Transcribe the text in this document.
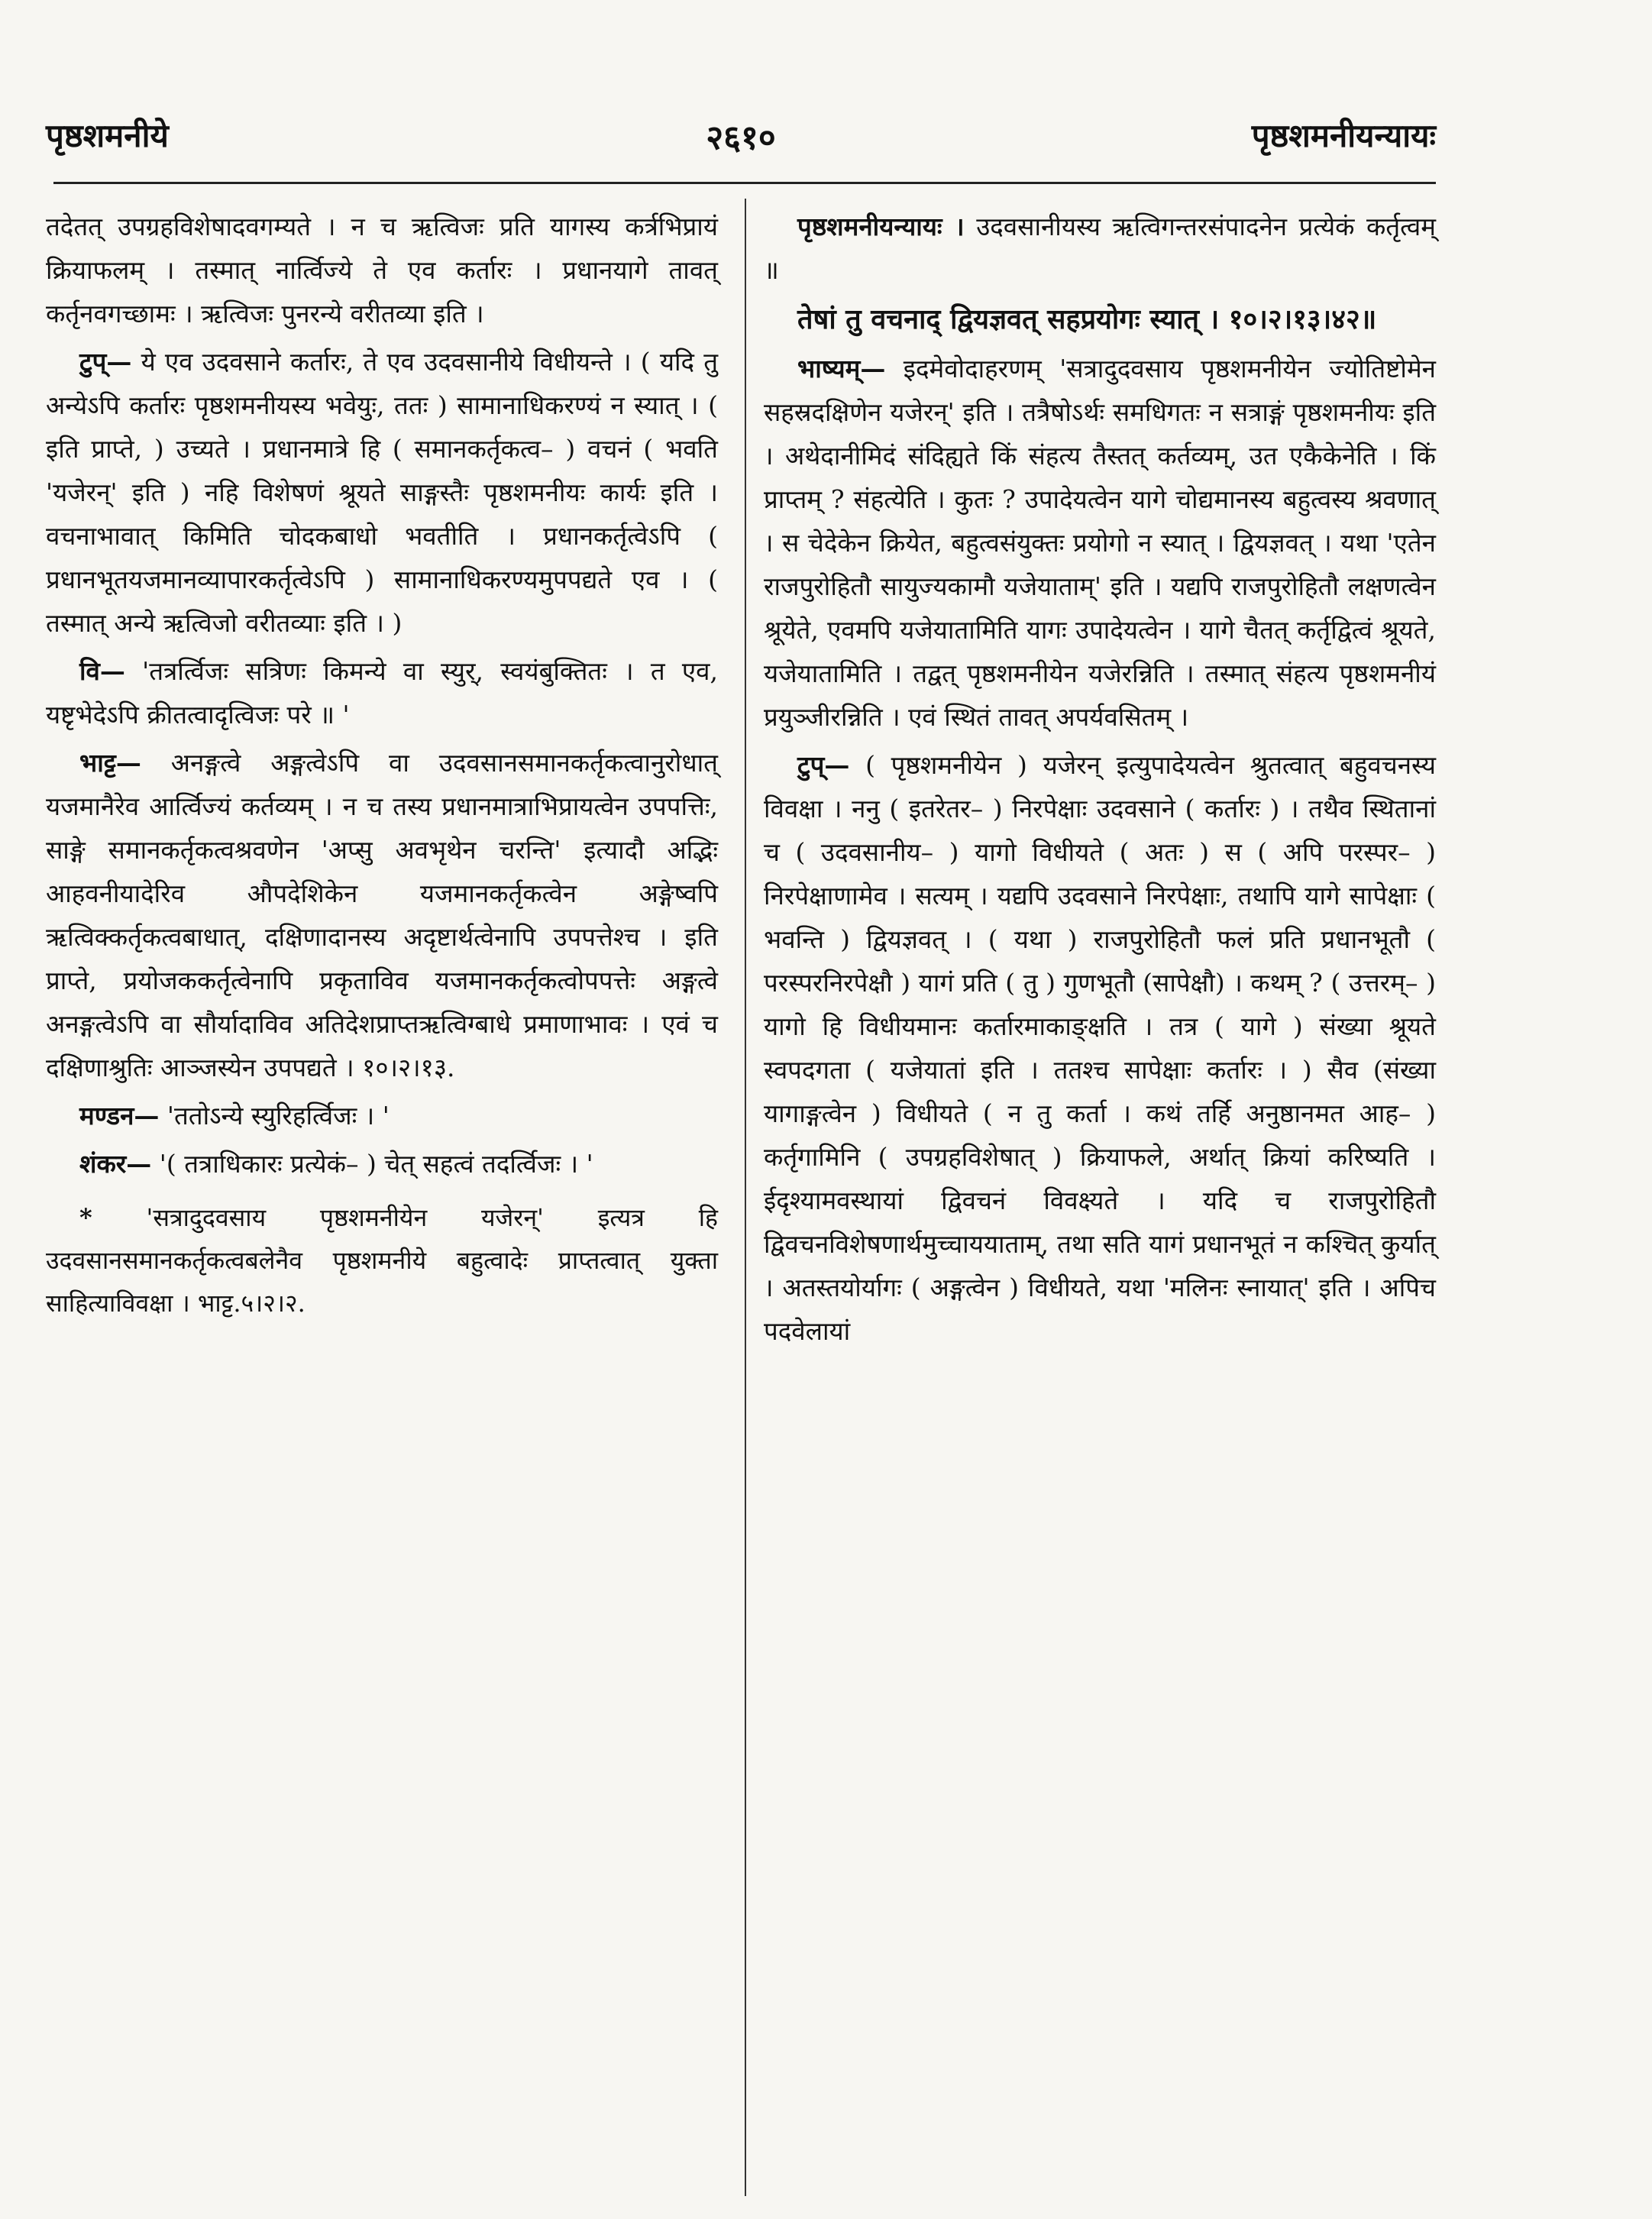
पृष्ठशमनीये	२६१०	पृष्ठशमनीयन्यायः

तदेतत् उपग्रहविशेषादवगम्यते । न च ऋत्विजः प्रति यागस्य कर्त्रभिप्रायं क्रियाफलम् । तस्मात् नार्त्विज्ये ते एव कर्तारः । प्रधानयागे तावत् कर्तृनवगच्छामः । ऋत्विजः पुनरन्ये वरीतव्या इति ।

टुप्— ये एव उदवसाने कर्तारः, ते एव उदवसानीये विधीयन्ते । ( यदि तु अन्येऽपि कर्तारः पृष्ठशमनीयस्य भवेयुः, ततः ) सामानाधिकरण्यं न स्यात् । ( इति प्राप्ते, ) उच्यते । प्रधानमात्रे हि ( समानकर्तृकत्व– ) वचनं ( भवति 'यजेरन्' इति ) नहि विशेषणं श्रूयते साङ्गस्तैः पृष्ठशमनीयः कार्यः इति । वचनाभावात् किमिति चोदकबाधो भवतीति । प्रधानकर्तृत्वेऽपि ( प्रधानभूतयजमानव्यापारकर्तृत्वेऽपि ) सामानाधिकरण्यमुपपद्यते एव । ( तस्मात् अन्ये ऋत्विजो वरीतव्याः इति । )

वि— 'तत्रर्त्विजः सत्रिणः किमन्ये वा स्युर्, स्वयंबुक्तितः । त एव, यष्टृभेदेऽपि क्रीतत्वादृत्विजः परे ॥ '

भाट्ट— अनङ्गत्वे अङ्गत्वेऽपि वा उदवसानसमानकर्तृकत्वानुरोधात् यजमानैरेव आर्त्विज्यं कर्तव्यम् । न च तस्य प्रधानमात्राभिप्रायत्वेन उपपत्तिः, साङ्गे समानकर्तृकत्वश्रवणेन 'अप्सु अवभृथेन चरन्ति' इत्यादौ अद्भिः आहवनीयादेरिव औपदेशिकेन यजमानकर्तृकत्वेन अङ्गेष्वपि ऋत्विक्कर्तृकत्वबाधात्, दक्षिणादानस्य अदृष्टार्थत्वेनापि उपपत्तेश्च । इति प्राप्ते, प्रयोजककर्तृत्वेनापि प्रकृताविव यजमानकर्तृकत्वोपपत्तेः अङ्गत्वे अनङ्गत्वेऽपि वा सौर्यादाविव अतिदेशप्राप्तऋत्विग्बाधे प्रमाणाभावः । एवं च दक्षिणाश्रुतिः आञ्जस्येन उपपद्यते । १०।२।१३.

मण्डन— 'ततोऽन्ये स्युरिहर्त्विजः । '

शंकर— '( तत्राधिकारः प्रत्येकं– ) चेत् सहत्वं तदर्त्विजः । '

* 'सत्रादुदवसाय पृष्ठशमनीयेन यजेरन्' इत्यत्र हि उदवसानसमानकर्तृकत्वबलेनैव पृष्ठशमनीये बहुत्वादेः प्राप्तत्वात् युक्ता साहित्याविवक्षा । भाट्ट.५।२।२.

पृष्ठशमनीयन्यायः । उदवसानीयस्य ऋत्विगन्तरसंपादनेन प्रत्येकं कर्तृत्वम् ॥

तेषां तु वचनाद् द्वियज्ञवत् सहप्रयोगः स्यात् । १०।२।१३।४२॥

भाष्यम्— इदमेवोदाहरणम् 'सत्रादुदवसाय पृष्ठशमनीयेन ज्योतिष्टोमेन सहस्रदक्षिणेन यजेरन्' इति । तत्रैषोऽर्थः समधिगतः न सत्राङ्गं पृष्ठशमनीयः इति । अथेदानीमिदं संदिह्यते किं संहत्य तैस्तत् कर्तव्यम्, उत एकैकेनेति । किं प्राप्तम् ? संहत्येति । कुतः ? उपादेयत्वेन यागे चोद्यमानस्य बहुत्वस्य श्रवणात् । स चेदेकेन क्रियेत, बहुत्वसंयुक्तः प्रयोगो न स्यात् । द्वियज्ञवत् । यथा 'एतेन राजपुरोहितौ सायुज्यकामौ यजेयाताम्' इति । यद्यपि राजपुरोहितौ लक्षणत्वेन श्रूयेते, एवमपि यजेयातामिति यागः उपादेयत्वेन । यागे चैतत् कर्तृद्वित्वं श्रूयते, यजेयातामिति । तद्वत् पृष्ठशमनीयेन यजेरन्निति । तस्मात् संहत्य पृष्ठशमनीयं प्रयुञ्जीरन्निति । एवं स्थितं तावत् अपर्यवसितम् ।

टुप्— ( पृष्ठशमनीयेन ) यजेरन् इत्युपादेयत्वेन श्रुतत्वात् बहुवचनस्य विवक्षा । ननु ( इतरेतर– ) निरपेक्षाः उदवसाने ( कर्तारः ) । तथैव स्थितानां च ( उदवसानीय– ) यागो विधीयते ( अतः ) स ( अपि परस्पर– ) निरपेक्षाणामेव । सत्यम् । यद्यपि उदवसाने निरपेक्षाः, तथापि यागे सापेक्षाः ( भवन्ति ) द्वियज्ञवत् । ( यथा ) राजपुरोहितौ फलं प्रति प्रधानभूतौ ( परस्परनिरपेक्षौ ) यागं प्रति ( तु ) गुणभूतौ (सापेक्षौ) । कथम् ? ( उत्तरम्– ) यागो हि विधीयमानः कर्तारमाकाङ्क्षति । तत्र ( यागे ) संख्या श्रूयते स्वपदगता ( यजेयातां इति । ततश्च सापेक्षाः कर्तारः । ) सैव (संख्या यागाङ्गत्वेन ) विधीयते ( न तु कर्ता । कथं तर्हि अनुष्ठानमत आह– ) कर्तृगामिनि ( उपग्रहविशेषात् ) क्रियाफले, अर्थात् क्रियां करिष्यति । ईदृश्यामवस्थायां द्विवचनं विवक्ष्यते । यदि च राजपुरोहितौ द्विवचनविशेषणार्थमुच्चाययाताम्, तथा सति यागं प्रधानभूतं न कश्चित् कुर्यात् । अतस्तयोर्यागः ( अङ्गत्वेन ) विधीयते, यथा 'मलिनः स्नायात्' इति । अपिच पदवेलायां
